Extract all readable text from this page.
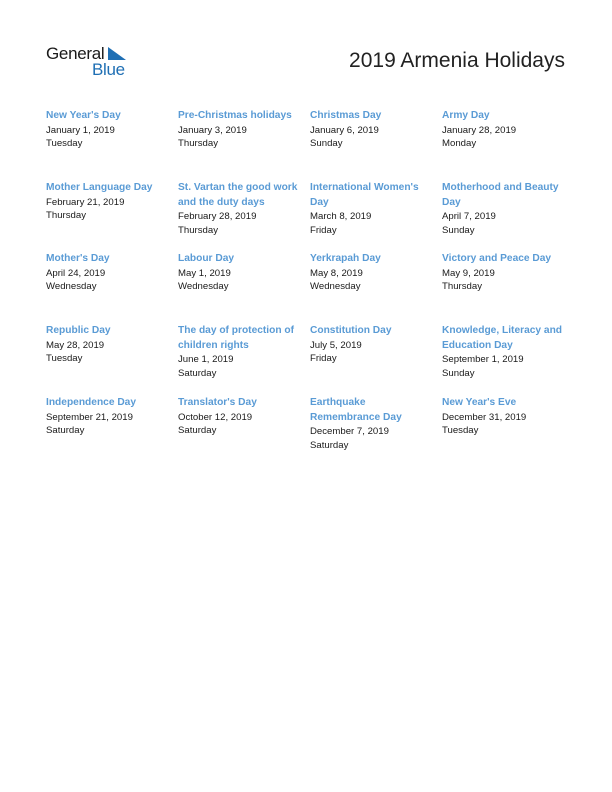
General
Blue	2019 Armenia Holidays
New Year's Day
January 1, 2019
Tuesday
Pre-Christmas holidays
January 3, 2019
Thursday
Christmas Day
January 6, 2019
Sunday
Army Day
January 28, 2019
Monday
Mother Language Day
February 21, 2019
Thursday
St. Vartan the good work and the duty days
February 28, 2019
Thursday
International Women's Day
March 8, 2019
Friday
Motherhood and Beauty Day
April 7, 2019
Sunday
Mother's Day
April 24, 2019
Wednesday
Labour Day
May 1, 2019
Wednesday
Yerkrapah Day
May 8, 2019
Wednesday
Victory and Peace Day
May 9, 2019
Thursday
Republic Day
May 28, 2019
Tuesday
The day of protection of children rights
June 1, 2019
Saturday
Constitution Day
July 5, 2019
Friday
Knowledge, Literacy and Education Day
September 1, 2019
Sunday
Independence Day
September 21, 2019
Saturday
Translator's Day
October 12, 2019
Saturday
Earthquake Remembrance Day
December 7, 2019
Saturday
New Year's Eve
December 31, 2019
Tuesday
